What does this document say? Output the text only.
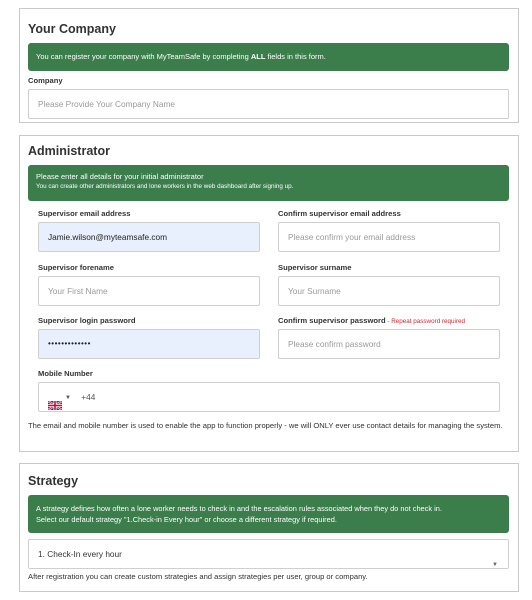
Your Company
You can register your company with MyTeamSafe by completing ALL fields in this form.
Company
Please Provide Your Company Name
Administrator
Please enter all details for your initial administrator
You can create other administrators and lone workers in the web dashboard after signing up.
Supervisor email address
Jamie.wilson@myteamsafe.com
Confirm supervisor email address
Please confirm your email address
Supervisor forename
Your First Name
Supervisor surname
Your Surname
Supervisor login password
•••••••••••••
Confirm supervisor password - Repeat password required
Please confirm password
Mobile Number
▼ +44
The email and mobile number is used to enable the app to function properly - we will ONLY ever use contact details for managing the system.
Strategy
A strategy defines how often a lone worker needs to check in and the escalation rules associated when they do not check in.
Select our default strategy "1.Check-in Every hour" or choose a different strategy if required.
1. Check-In every hour
▼
After registration you can create custom strategies and assign strategies per user, group or company.
